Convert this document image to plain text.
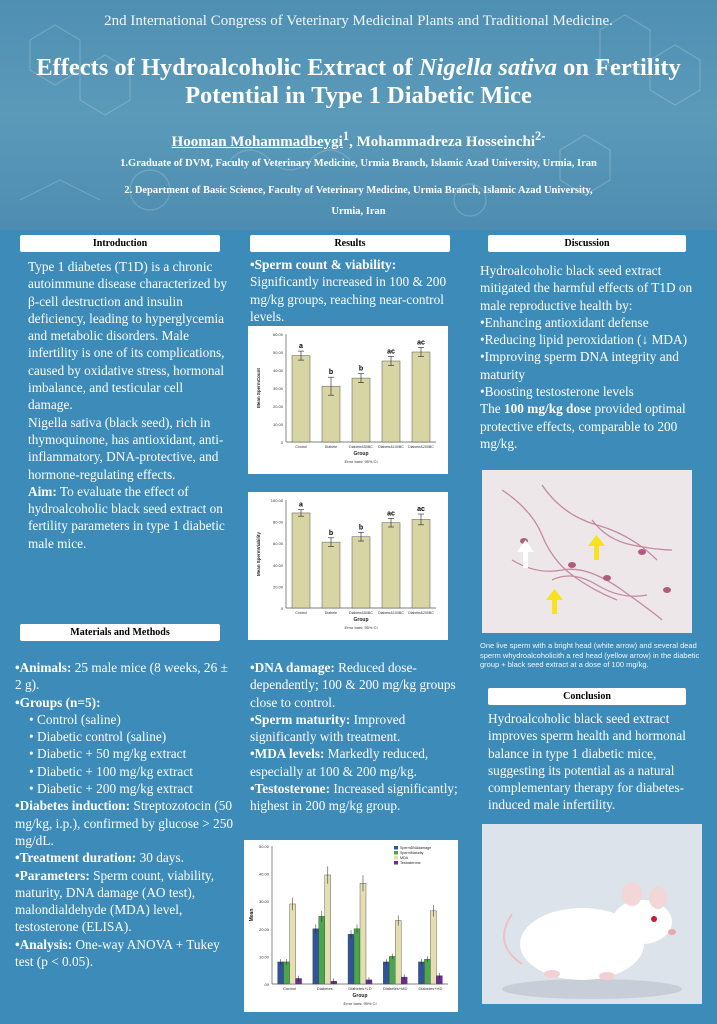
2nd International Congress of Veterinary Medicinal Plants and Traditional Medicine.
Effects of Hydroalcoholic Extract of Nigella sativa on Fertility Potential in Type 1 Diabetic Mice
Hooman Mohammadbeygi$^1$, Mohammadreza Hosseinchi$^{2-}$
1.Graduate of DVM, Faculty of Veterinary Medicine, Urmia Branch, Islamic Azad University, Urmia, Iran
2. Department of Basic Science, Faculty of Veterinary Medicine, Urmia Branch, Islamic Azad University,
Urmia, Iran
Introduction
Type 1 diabetes (T1D) is a chronic autoimmune disease characterized by β-cell destruction and insulin deficiency, leading to hyperglycemia and metabolic disorders. Male infertility is one of its complications, caused by oxidative stress, hormonal imbalance, and testicular cell damage.
Nigella sativa (black seed), rich in thymoquinone, has antioxidant, anti-inflammatory, DNA-protective, and hormone-regulating effects.
Aim: To evaluate the effect of hydroalcoholic black seed extract on fertility parameters in type 1 diabetic male mice.
Materials and Methods
•Animals: 25 male mice (8 weeks, 26 ± 2 g).
•Groups (n=5):
• Control (saline)
• Diabetic control (saline)
• Diabetic + 50 mg/kg extract
• Diabetic + 100 mg/kg extract
• Diabetic + 200 mg/kg extract
•Diabetes induction: Streptozotocin (50 mg/kg, i.p.), confirmed by glucose > 250 mg/dL.
•Treatment duration: 30 days.
•Parameters: Sperm count, viability, maturity, DNA damage (AO test), malondialdehyde (MDA) level, testosterone (ELISA).
•Analysis: One-way ANOVA + Tukey test (p < 0.05).
Results
•Sperm count & viability: Significantly increased in 100 & 200 mg/kg groups, reaching near-control levels.
0
10.00
20.00
30.00
40.00
50.00
60.00
a
Control
b
Diabete
b
Diabete&50BC
ac
Diabete&100BC
ac
Diabete&200BC
Group
Error bars: 95% CI
Mean SpermCount
0
20.00
40.00
60.00
80.00
100.00
a
Control
b
Diabete
b
Diabete&50BC
ac
Diabete&100BC
ac
Diabete&200BC
Group
Error bars: 95% CI
Mean SpermViability
•DNA damage: Reduced dose-dependently; 100 & 200 mg/kg groups close to control.
•Sperm maturity: Improved significantly with treatment.
•MDA levels: Markedly reduced, especially at 100 & 200 mg/kg.
•Testosterone: Increased significantly; highest in 200 mg/kg group.
.00
10.00
20.00
30.00
40.00
50.00
Control	Diabetes	Diabetes+LD	Diabetes+MD	Diabetes+HD
SpermDNAdamage
SpermMaturity
MDA
Testosterone
Group
Error bars: 95% CI
Mean
Discussion
Hydroalcoholic black seed extract mitigated the harmful effects of T1D on male reproductive health by:
•Enhancing antioxidant defense
•Reducing lipid peroxidation (↓ MDA)
•Improving sperm DNA integrity and maturity
•Boosting testosterone levels
The 100 mg/kg dose provided optimal protective effects, comparable to 200 mg/kg.
One live sperm with a bright head (white arrow) and several dead sperm whydroalcoholicith a red head (yellow arrow) in the diabetic group + black seed extract at a dose of 100 mg/kg.
Conclusion
Hydroalcoholic black seed extract improves sperm health and hormonal balance in type 1 diabetic mice, suggesting its potential as a natural complementary therapy for diabetes-induced male infertility.
